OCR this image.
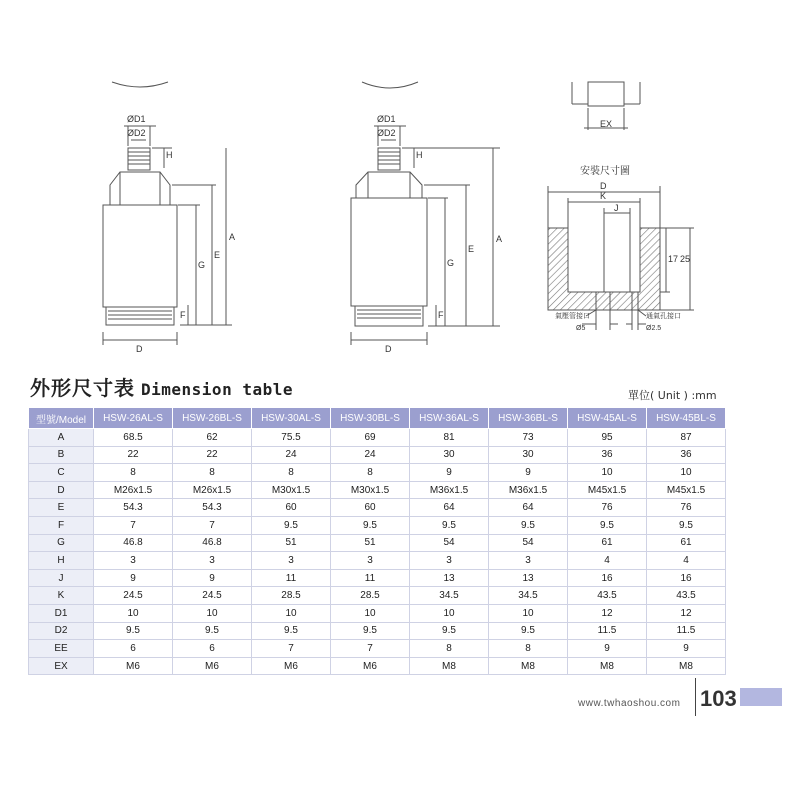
ØD1
ØD2
H
A
E
G
F
D
ØD1
ØD2
H
A
E
G
F
D
EX
安裝尺寸圖
D
K
J
17 25
氣壓管接口	通氣孔接口
Ø5	Ø2.5
外形尺寸表 Dimension table	單位( Unit ) :mm
型號/Model	HSW-26AL-S	HSW-26BL-S	HSW-30AL-S	HSW-30BL-S	HSW-36AL-S	HSW-36BL-S	HSW-45AL-S	HSW-45BL-S
A	68.5	62	75.5	69	81	73	95	87
B	22	22	24	24	30	30	36	36
C	8	8	8	8	9	9	10	10
D	M26x1.5	M26x1.5	M30x1.5	M30x1.5	M36x1.5	M36x1.5	M45x1.5	M45x1.5
E	54.3	54.3	60	60	64	64	76	76
F	7	7	9.5	9.5	9.5	9.5	9.5	9.5
G	46.8	46.8	51	51	54	54	61	61
H	3	3	3	3	3	3	4	4
J	9	9	11	11	13	13	16	16
K	24.5	24.5	28.5	28.5	34.5	34.5	43.5	43.5
D1	10	10	10	10	10	10	12	12
D2	9.5	9.5	9.5	9.5	9.5	9.5	11.5	11.5
EE	6	6	7	7	8	8	9	9
EX	M6	M6	M6	M6	M8	M8	M8	M8
www.twhaoshou.com 103
